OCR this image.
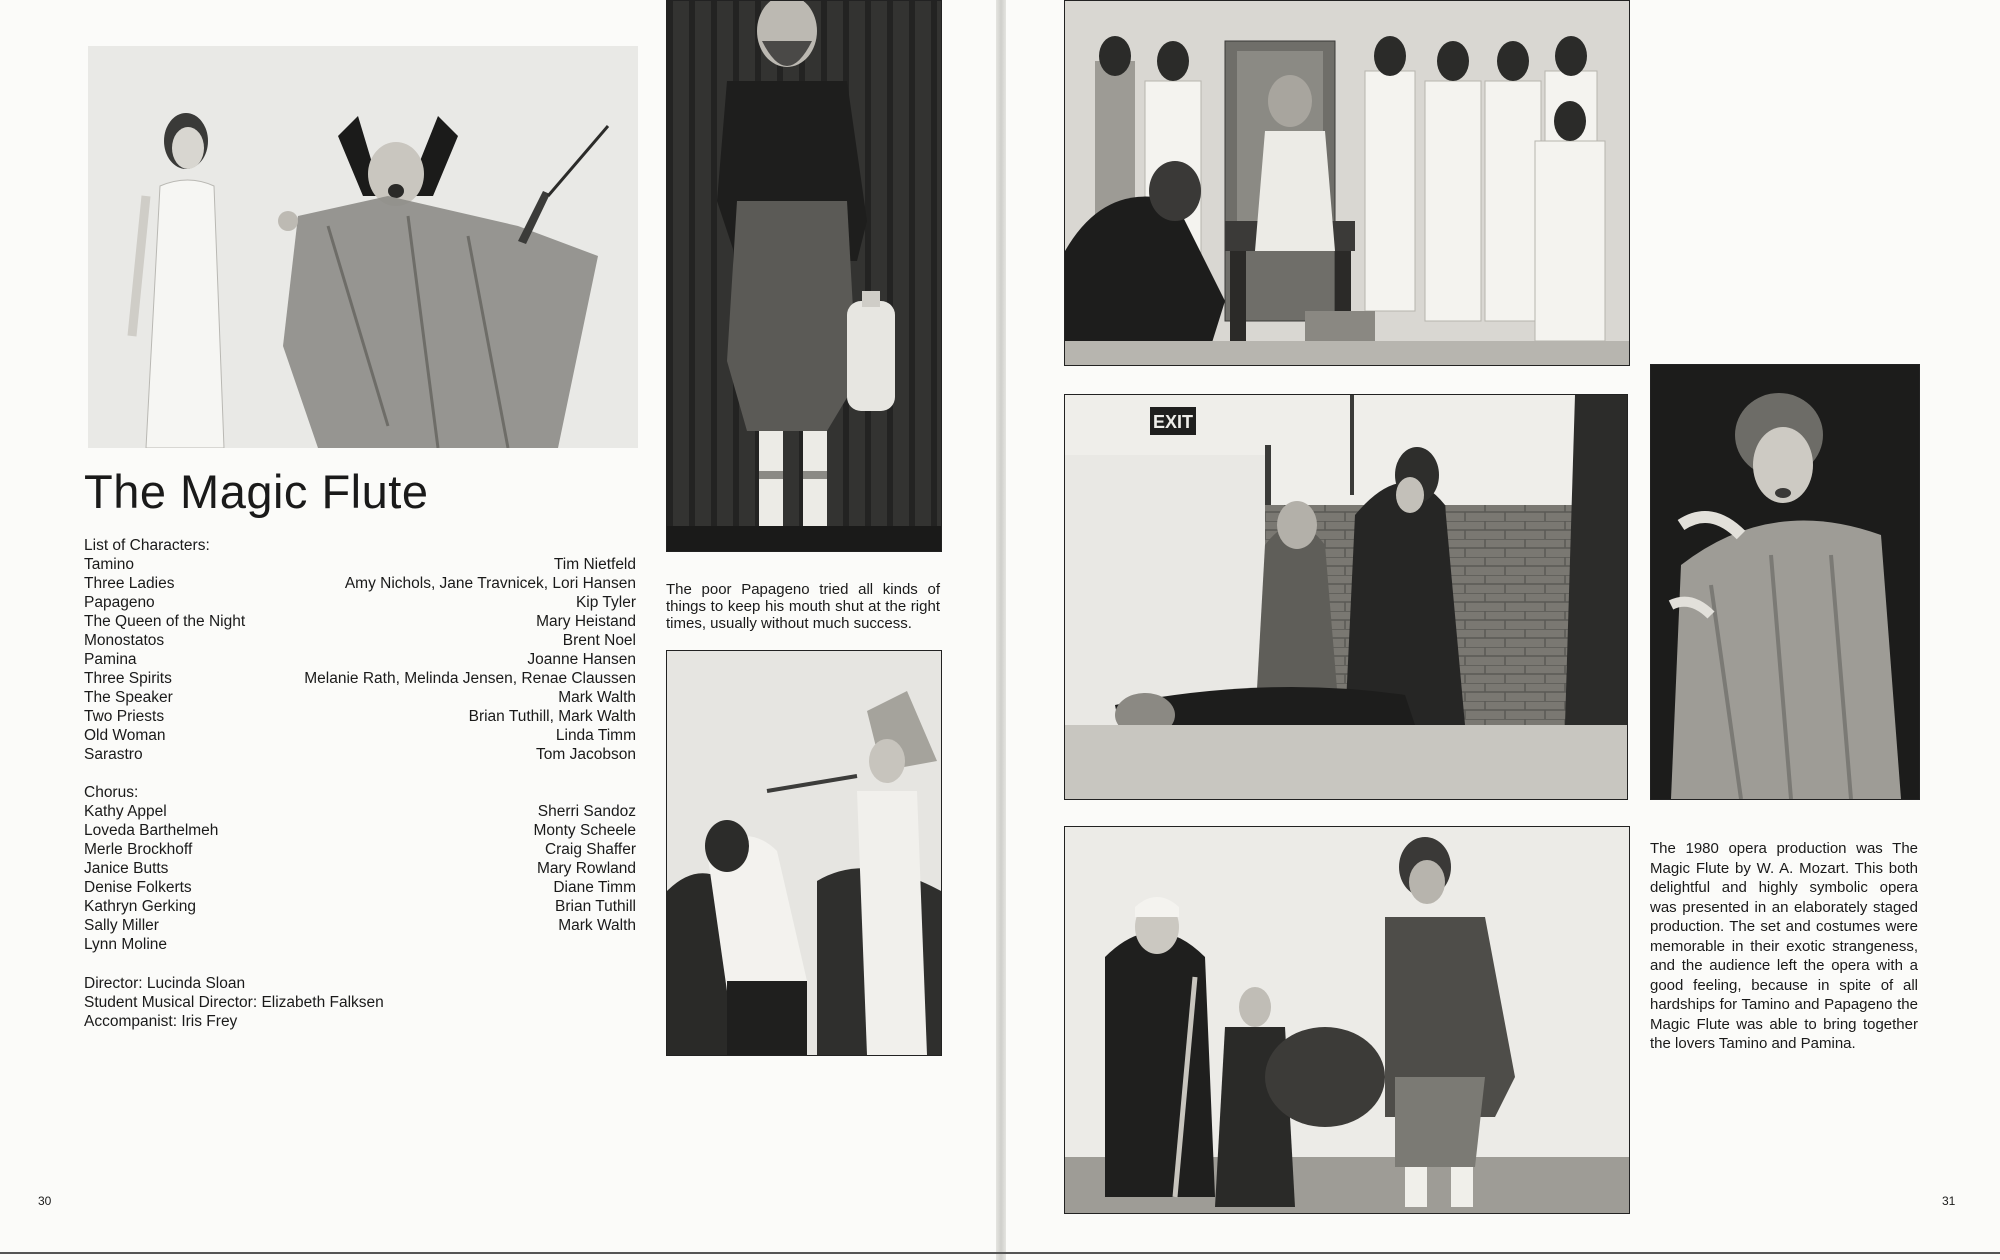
EXIT
The Magic Flute
List of Characters:
Tamino
Three Ladies
Papageno
The Queen of the Night
Monostatos
Pamina
Three Spirits
The Speaker
Two Priests
Old Woman
Sarastro
Tim Nietfeld
Amy Nichols, Jane Travnicek, Lori Hansen
Kip Tyler
Mary Heistand
Brent Noel
Joanne Hansen
Melanie Rath, Melinda Jensen, Renae Claussen
Mark Walth
Brian Tuthill, Mark Walth
Linda Timm
Tom Jacobson
Chorus:
Kathy Appel
Loveda Barthelmeh
Merle Brockhoff
Janice Butts
Denise Folkerts
Kathryn Gerking
Sally Miller
Lynn Moline
Sherri Sandoz
Monty Scheele
Craig Shaffer
Mary Rowland
Diane Timm
Brian Tuthill
Mark Walth
Director: Lucinda Sloan
Student Musical Director: Elizabeth Falksen
Accompanist: Iris Frey

The poor Papageno tried all kinds of things to keep his mouth shut at the right times, usually without much success.

The 1980 opera production was The Magic Flute by W. A. Mozart. This both delightful and highly symbolic opera was presented in an elaborately staged production. The set and costumes were memorable in their exotic strangeness, and the audience left the opera with a good feeling, because in spite of all hardships for Tamino and Papageno the Magic Flute was able to bring together the lovers Tamino and Pamina.

30	31
